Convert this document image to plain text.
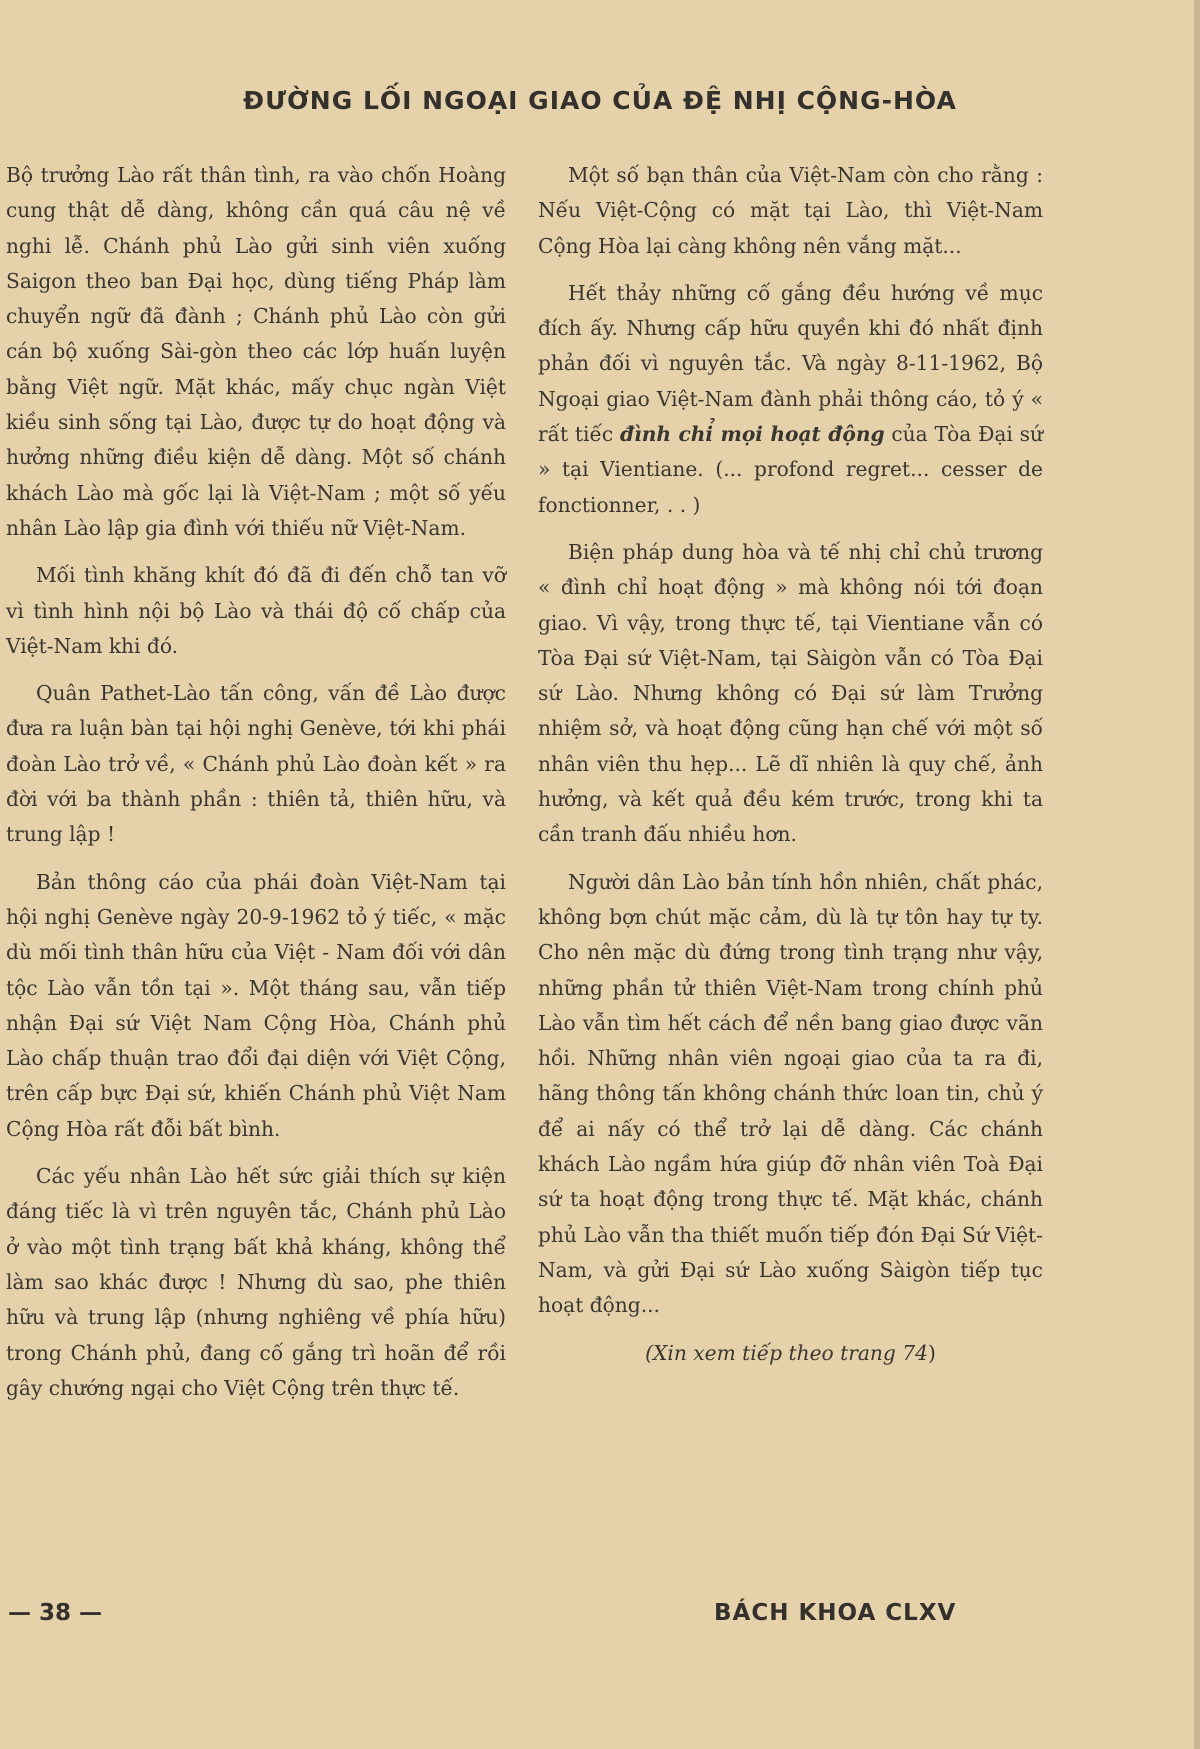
ĐƯỜNG LỐI NGOẠI GIAO CỦA ĐỆ NHỊ CỘNG-HÒA

Bộ trưởng Lào rất thân tình, ra vào chốn Hoàng cung thật dễ dàng, không cần quá câu nệ về nghi lễ. Chánh phủ Lào gửi sinh viên xuống Saigon theo ban Đại học, dùng tiếng Pháp làm chuyển ngữ đã đành ; Chánh phủ Lào còn gửi cán bộ xuống Sài-gòn theo các lớp huấn luyện bằng Việt ngữ. Mặt khác, mấy chục ngàn Việt kiều sinh sống tại Lào, được tự do hoạt động và hưởng những điều kiện dễ dàng. Một số chánh khách Lào mà gốc lại là Việt-Nam ; một số yếu nhân Lào lập gia đình với thiếu nữ Việt-Nam.

Mối tình khăng khít đó đã đi đến chỗ tan vỡ vì tình hình nội bộ Lào và thái độ cố chấp của Việt-Nam khi đó.

Quân Pathet-Lào tấn công, vấn đề Lào được đưa ra luận bàn tại hội nghị Genève, tới khi phái đoàn Lào trở về, « Chánh phủ Lào đoàn kết » ra đời với ba thành phần : thiên tả, thiên hữu, và trung lập !

Bản thông cáo của phái đoàn Việt-Nam tại hội nghị Genève ngày 20-9-1962 tỏ ý tiếc, « mặc dù mối tình thân hữu của Việt - Nam đối với dân tộc Lào vẫn tồn tại ». Một tháng sau, vẫn tiếp nhận Đại sứ Việt Nam Cộng Hòa, Chánh phủ Lào chấp thuận trao đổi đại diện với Việt Cộng, trên cấp bực Đại sứ, khiến Chánh phủ Việt Nam Cộng Hòa rất đỗi bất bình.

Các yếu nhân Lào hết sức giải thích sự kiện đáng tiếc là vì trên nguyên tắc, Chánh phủ Lào ở vào một tình trạng bất khả kháng, không thể làm sao khác được ! Nhưng dù sao, phe thiên hữu và trung lập (nhưng nghiêng về phía hữu) trong Chánh phủ, đang cố gắng trì hoãn để rồi gây chướng ngại cho Việt Cộng trên thực tế.

Một số bạn thân của Việt-Nam còn cho rằng : Nếu Việt-Cộng có mặt tại Lào, thì Việt-Nam Cộng Hòa lại càng không nên vắng mặt...

Hết thảy những cố gắng đều hướng về mục đích ấy. Nhưng cấp hữu quyền khi đó nhất định phản đối vì nguyên tắc. Và ngày 8-11-1962, Bộ Ngoại giao Việt-Nam đành phải thông cáo, tỏ ý « rất tiếc đình chỉ mọi hoạt động của Tòa Đại sứ » tại Vientiane. (... profond regret... cesser de fonctionner, . . )

Biện pháp dung hòa và tế nhị chỉ chủ trương « đình chỉ hoạt động » mà không nói tới đoạn giao. Vì vậy, trong thực tế, tại Vientiane vẫn có Tòa Đại sứ Việt-Nam, tại Sàigòn vẫn có Tòa Đại sứ Lào. Nhưng không có Đại sứ làm Trưởng nhiệm sở, và hoạt động cũng hạn chế với một số nhân viên thu hẹp... Lẽ dĩ nhiên là quy chế, ảnh hưởng, và kết quả đều kém trước, trong khi ta cần tranh đấu nhiều hơn.

Người dân Lào bản tính hồn nhiên, chất phác, không bợn chút mặc cảm, dù là tự tôn hay tự ty. Cho nên mặc dù đứng trong tình trạng như vậy, những phần tử thiên Việt-Nam trong chính phủ Lào vẫn tìm hết cách để nền bang giao được vãn hồi. Những nhân viên ngoại giao của ta ra đi, hãng thông tấn không chánh thức loan tin, chủ ý để ai nấy có thể trở lại dễ dàng. Các chánh khách Lào ngầm hứa giúp đỡ nhân viên Toà Đại sứ ta hoạt động trong thực tế. Mặt khác, chánh phủ Lào vẫn tha thiết muốn tiếp đón Đại Sứ Việt-Nam, và gửi Đại sứ Lào xuống Sàigòn tiếp tục hoạt động...

(Xin xem tiếp theo trang 74)

— 38 —	BÁCH KHOA CLXV
